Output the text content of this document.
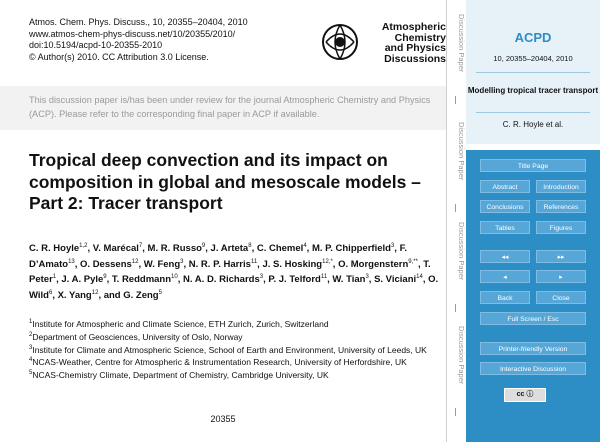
Atmos. Chem. Phys. Discuss., 10, 20355–20404, 2010
www.atmos-chem-phys-discuss.net/10/20355/2010/
doi:10.5194/acpd-10-20355-2010
© Author(s) 2010. CC Attribution 3.0 License.
Atmospheric
Chemistry
and Physics
Discussions

This discussion paper is/has been under review for the journal Atmospheric Chemistry and Physics (ACP). Please refer to the corresponding final paper in ACP if available.

Tropical deep convection and its impact on composition in global and mesoscale models – Part 2: Tracer transport
C. R. Hoyle$^{1,2}$, V. Marécal$^7$, M. R. Russo$^9$, J. Arteta$^8$, C. Chemel$^4$, M. P. Chipperfield$^3$, F. D’Amato$^{13}$, O. Dessens$^{12}$, W. Feng$^3$, N. R. P. Harris$^{11}$, J. S. Hosking$^{12,*}$, O. Morgenstern$^{9,**}$, T. Peter$^1$, J. A. Pyle$^9$, T. Reddmann$^{10}$, N. A. D. Richards$^3$, P. J. Telford$^{11}$, W. Tian$^3$, S. Viciani$^{14}$, O. Wild$^6$, X. Yang$^{12}$, and G. Zeng$^5$
$^1$Institute for Atmospheric and Climate Science, ETH Zurich, Zurich, Switzerland
$^2$Department of Geosciences, University of Oslo, Norway
$^3$Institute for Climate and Atmospheric Science, School of Earth and Environment, University of Leeds, UK
$^4$NCAS-Weather, Centre for Atmospheric & Instrumentation Research, University of Herfordshire, UK
$^5$NCAS-Chemistry Climate, Department of Chemistry, Cambridge University, UK
20355
Discussion Paper
Discussion Paper
Discussion Paper
Discussion Paper
ACPD
10, 20355–20404, 2010
Modelling tropical tracer transport
C. R. Hoyle et al.
Title Page
Abstract	Introduction
Conclusions	References
Tables	Figures
◂◂	▸▸
◂	▸
Back	Close
Full Screen / Esc
Printer-friendly Version
Interactive Discussion
cc ⓘ
